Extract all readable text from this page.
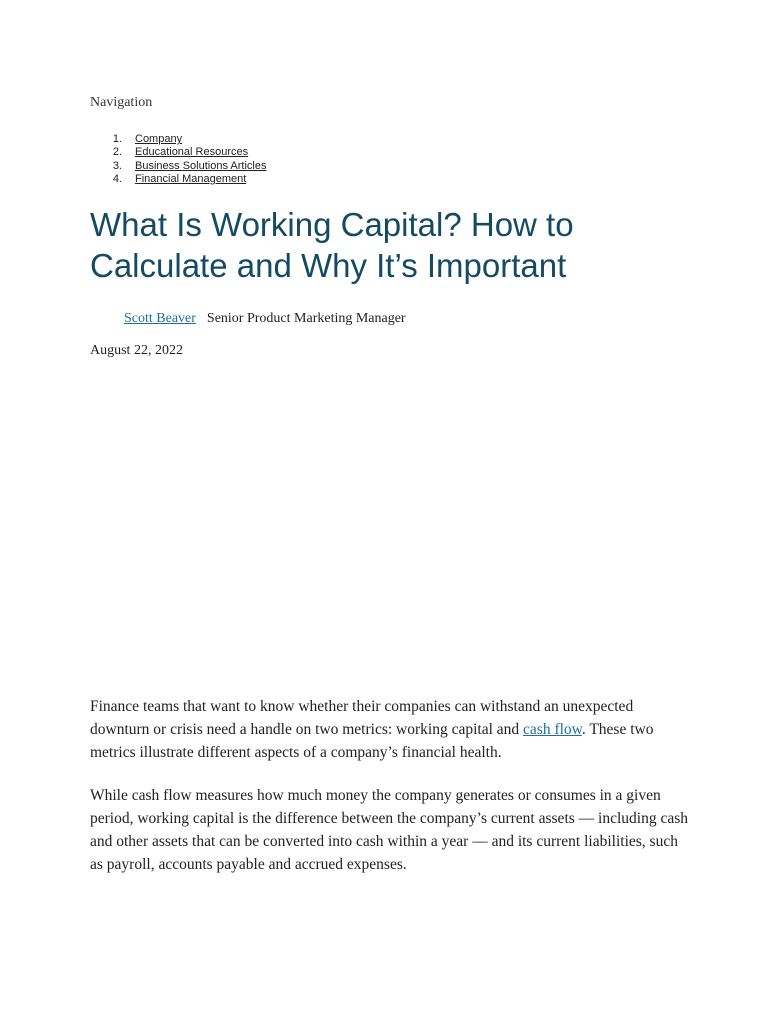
Navigation
1.	Company
2.	Educational Resources
3.	Business Solutions Articles
4.	Financial Management
What Is Working Capital? How to
Calculate and Why It’s Important
Scott Beaver Senior Product Marketing Manager
August 22, 2022

Finance teams that want to know whether their companies can withstand an unexpected downturn or crisis need a handle on two metrics: working capital and cash flow. These two metrics illustrate different aspects of a company’s financial health.

While cash flow measures how much money the company generates or consumes in a given period, working capital is the difference between the company’s current assets — including cash and other assets that can be converted into cash within a year — and its current liabilities, such as payroll, accounts payable and accrued expenses.
